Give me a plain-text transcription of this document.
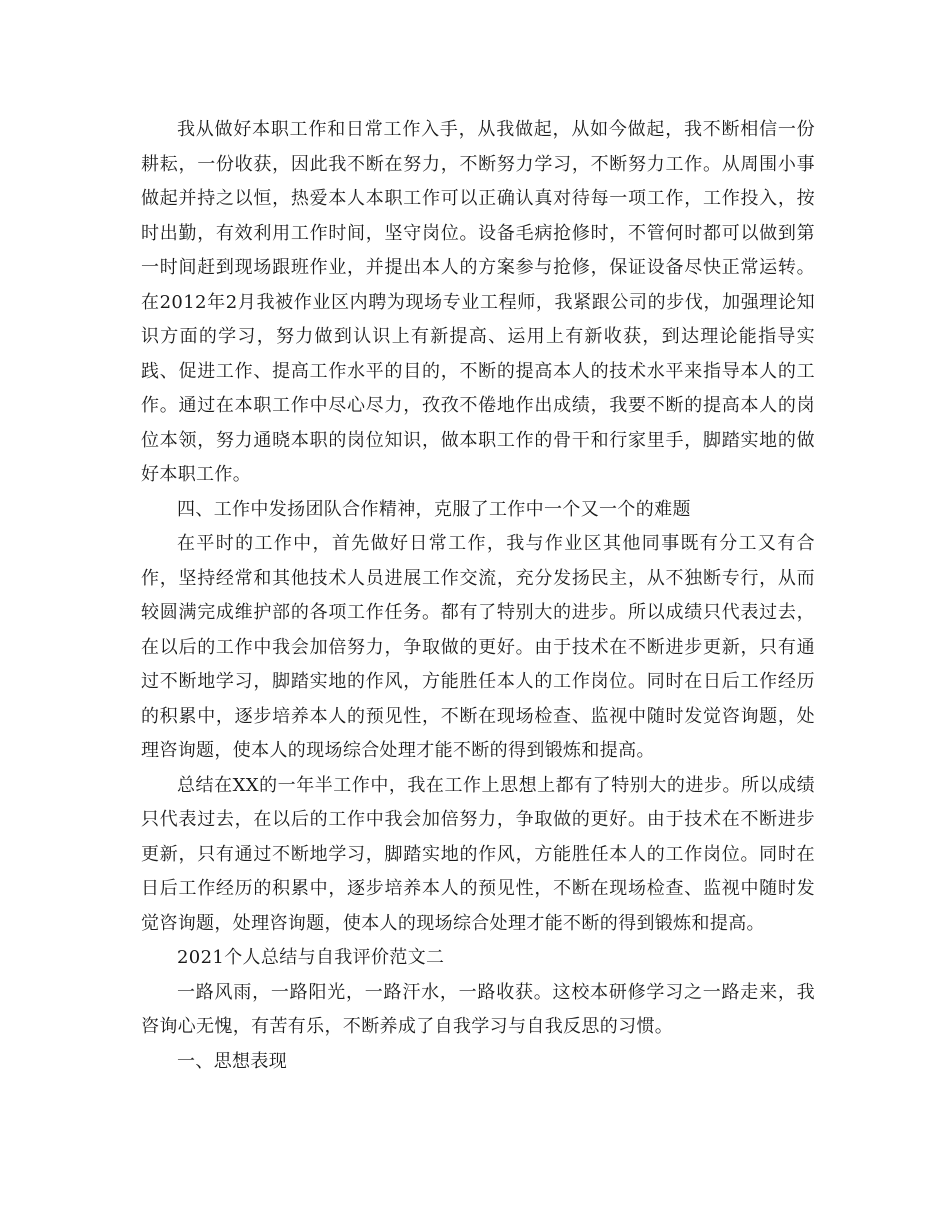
我从做好本职工作和日常工作入手，从我做起，从如今做起，我不断相信一份耕耘，一份收获，因此我不断在努力，不断努力学习，不断努力工作。从周围小事做起并持之以恒，热爱本人本职工作可以正确认真对待每一项工作，工作投入，按时出勤，有效利用工作时间，坚守岗位。设备毛病抢修时，不管何时都可以做到第一时间赶到现场跟班作业，并提出本人的方案参与抢修，保证设备尽快正常运转。在2012年2月我被作业区内聘为现场专业工程师，我紧跟公司的步伐，加强理论知识方面的学习，努力做到认识上有新提高、运用上有新收获，到达理论能指导实践、促进工作、提高工作水平的目的，不断的提高本人的技术水平来指导本人的工作。通过在本职工作中尽心尽力，孜孜不倦地作出成绩，我要不断的提高本人的岗位本领，努力通晓本职的岗位知识，做本职工作的骨干和行家里手，脚踏实地的做好本职工作。

四、工作中发扬团队合作精神，克服了工作中一个又一个的难题

在平时的工作中，首先做好日常工作，我与作业区其他同事既有分工又有合作，坚持经常和其他技术人员进展工作交流，充分发扬民主，从不独断专行，从而较圆满完成维护部的各项工作任务。都有了特别大的进步。所以成绩只代表过去，在以后的工作中我会加倍努力，争取做的更好。由于技术在不断进步更新，只有通过不断地学习，脚踏实地的作风，方能胜任本人的工作岗位。同时在日后工作经历的积累中，逐步培养本人的预见性，不断在现场检查、监视中随时发觉咨询题，处理咨询题，使本人的现场综合处理才能不断的得到锻炼和提高。

总结在XX的一年半工作中，我在工作上思想上都有了特别大的进步。所以成绩只代表过去，在以后的工作中我会加倍努力，争取做的更好。由于技术在不断进步更新，只有通过不断地学习，脚踏实地的作风，方能胜任本人的工作岗位。同时在日后工作经历的积累中，逐步培养本人的预见性，不断在现场检查、监视中随时发觉咨询题，处理咨询题，使本人的现场综合处理才能不断的得到锻炼和提高。

2021个人总结与自我评价范文二

一路风雨，一路阳光，一路汗水，一路收获。这校本研修学习之一路走来，我咨询心无愧，有苦有乐，不断养成了自我学习与自我反思的习惯。

一、思想表现
